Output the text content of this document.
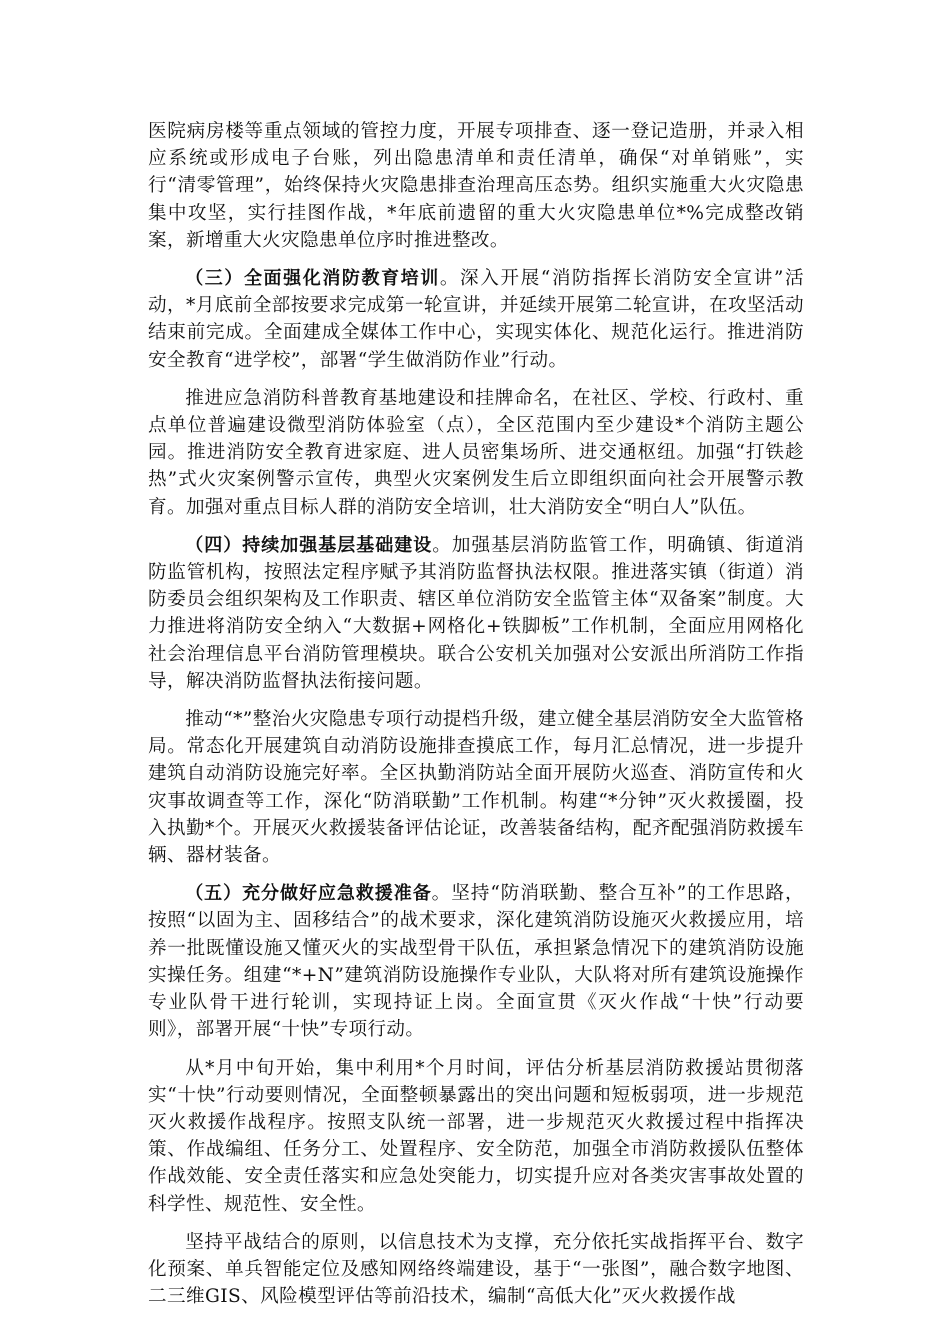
医院病房楼等重点领域的管控力度，开展专项排查、逐一登记造册，并录入相应系统或形成电子台账，列出隐患清单和责任清单，确保“对单销账”，实行“清零管理”，始终保持火灾隐患排查治理高压态势。组织实施重大火灾隐患集中攻坚，实行挂图作战，*年底前遗留的重大火灾隐患单位*%完成整改销案，新增重大火灾隐患单位序时推进整改。

（三）全面强化消防教育培训。深入开展“消防指挥长消防安全宣讲”活动，*月底前全部按要求完成第一轮宣讲，并延续开展第二轮宣讲，在攻坚活动结束前完成。全面建成全媒体工作中心，实现实体化、规范化运行。推进消防安全教育“进学校”，部署“学生做消防作业”行动。

推进应急消防科普教育基地建设和挂牌命名，在社区、学校、行政村、重点单位普遍建设微型消防体验室（点），全区范围内至少建设*个消防主题公园。推进消防安全教育进家庭、进人员密集场所、进交通枢纽。加强“打铁趁热”式火灾案例警示宣传，典型火灾案例发生后立即组织面向社会开展警示教育。加强对重点目标人群的消防安全培训，壮大消防安全“明白人”队伍。

（四）持续加强基层基础建设。加强基层消防监管工作，明确镇、街道消防监管机构，按照法定程序赋予其消防监督执法权限。推进落实镇（街道）消防委员会组织架构及工作职责、辖区单位消防安全监管主体“双备案”制度。大力推进将消防安全纳入“大数据+网格化+铁脚板”工作机制，全面应用网格化社会治理信息平台消防管理模块。联合公安机关加强对公安派出所消防工作指导，解决消防监督执法衔接问题。

推动“*”整治火灾隐患专项行动提档升级，建立健全基层消防安全大监管格局。常态化开展建筑自动消防设施排查摸底工作，每月汇总情况，进一步提升建筑自动消防设施完好率。全区执勤消防站全面开展防火巡查、消防宣传和火灾事故调查等工作，深化“防消联勤”工作机制。构建“*分钟”灭火救援圈，投入执勤*个。开展灭火救援装备评估论证，改善装备结构，配齐配强消防救援车辆、器材装备。

（五）充分做好应急救援准备。坚持“防消联勤、整合互补”的工作思路，按照“以固为主、固移结合”的战术要求，深化建筑消防设施灭火救援应用，培养一批既懂设施又懂灭火的实战型骨干队伍，承担紧急情况下的建筑消防设施实操任务。组建“*+N”建筑消防设施操作专业队，大队将对所有建筑设施操作专业队骨干进行轮训，实现持证上岗。全面宣贯《灭火作战“十快”行动要则》，部署开展“十快”专项行动。

从*月中旬开始，集中利用*个月时间，评估分析基层消防救援站贯彻落实“十快”行动要则情况，全面整顿暴露出的突出问题和短板弱项，进一步规范灭火救援作战程序。按照支队统一部署，进一步规范灭火救援过程中指挥决策、作战编组、任务分工、处置程序、安全防范，加强全市消防救援队伍整体作战效能、安全责任落实和应急处突能力，切实提升应对各类灾害事故处置的科学性、规范性、安全性。

坚持平战结合的原则，以信息技术为支撑，充分依托实战指挥平台、数字化预案、单兵智能定位及感知网络终端建设，基于“一张图”，融合数字地图、二三维GIS、风险模型评估等前沿技术，编制“高低大化”灭火救援作战
